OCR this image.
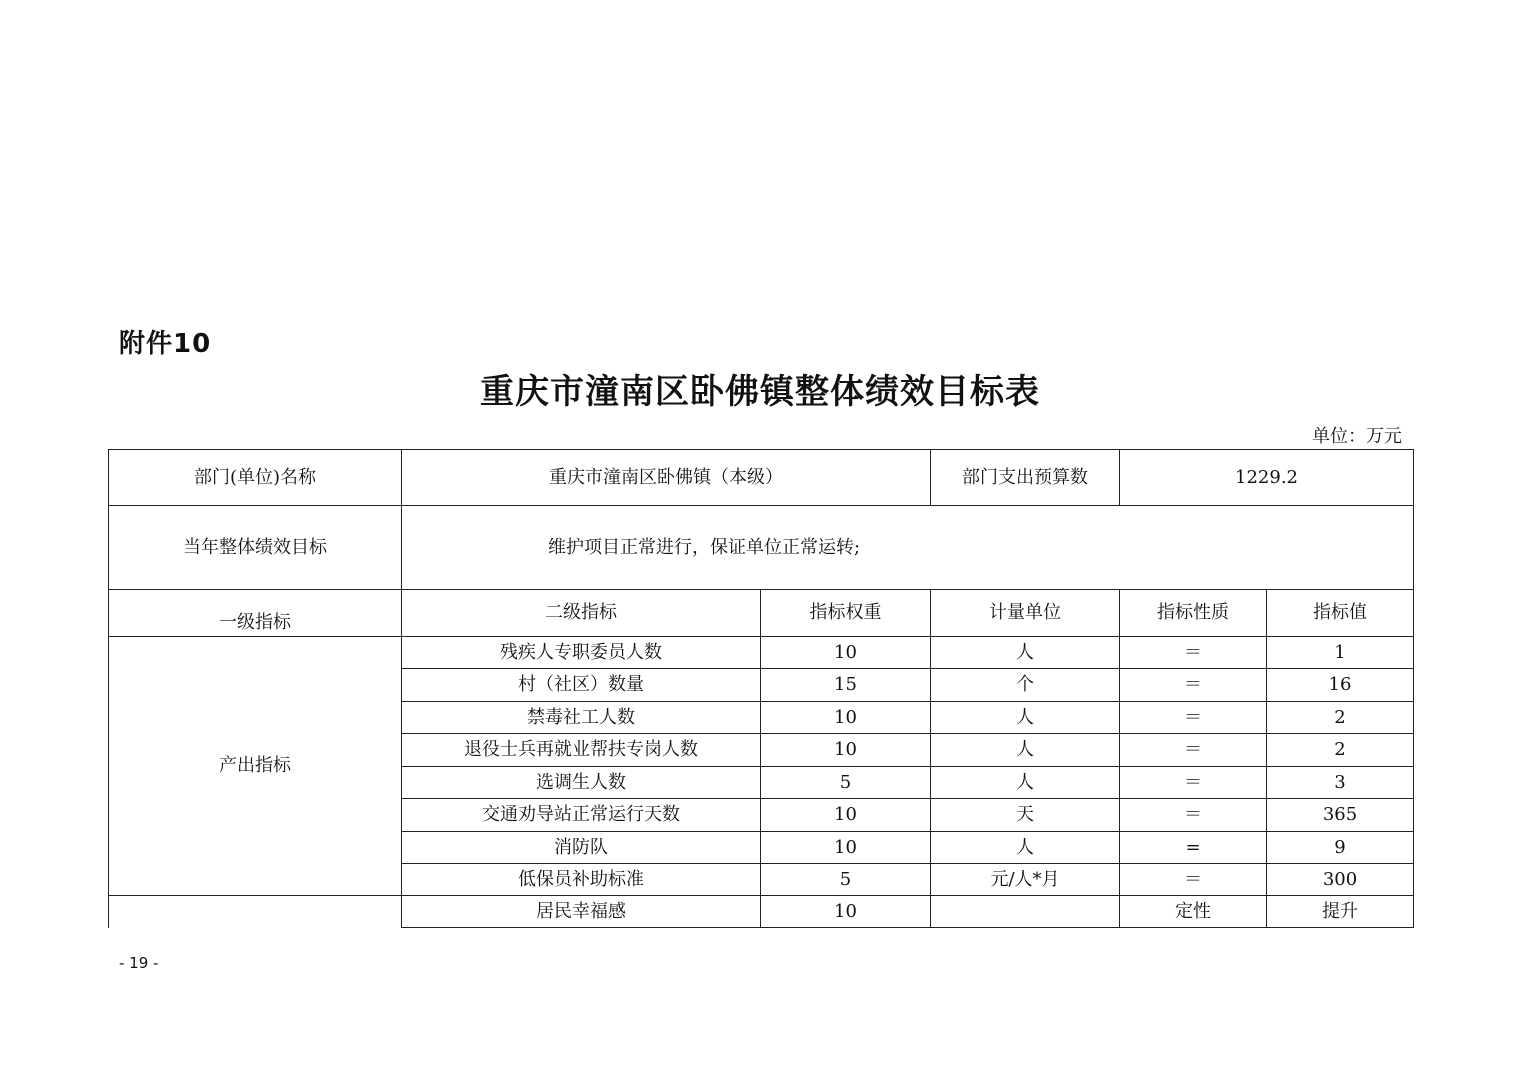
附件10
重庆市潼南区卧佛镇整体绩效目标表
单位：万元
部门(单位)名称	重庆市潼南区卧佛镇（本级）		部门支出预算数	1229.2	
当年整体绩效目标	维护项目正常进行，保证单位正常运转;				
一级指标	二级指标	指标权重	计量单位	指标性质	指标值
产出指标	残疾人专职委员人数	10	人	＝	1
	村（社区）数量	15	个	＝	16
	禁毒社工人数	10	人	＝	2
	退役士兵再就业帮扶专岗人数	10	人	＝	2
	选调生人数	5	人	＝	3
	交通劝导站正常运行天数	10	天	＝	365
	消防队	10	人	=	9
	低保员补助标准	5	元/人*月	＝	300
	居民幸福感	10		定性	提升
- 19 -
